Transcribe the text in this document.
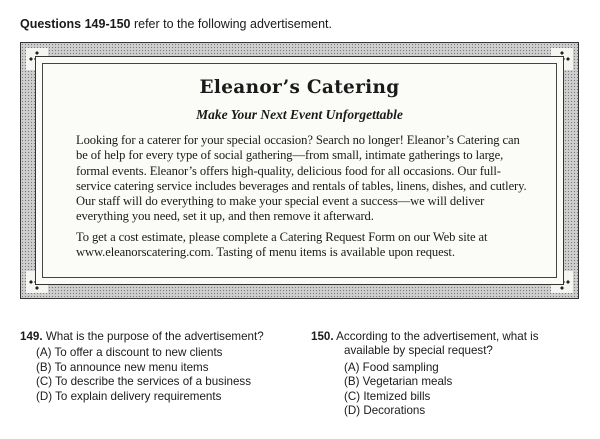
Questions 149-150 refer to the following advertisement.
Eleanor’s Catering
Make Your Next Event Unforgettable

Looking for a caterer for your special occasion? Search no longer! Eleanor’s Catering can be of help for every type of social gathering—from small, intimate gatherings to large, formal events. Eleanor’s offers high-quality, delicious food for all occasions. Our full-service catering service includes beverages and rentals of tables, linens, dishes, and cutlery. Our staff will do everything to make your special event a success—we will deliver everything you need, set it up, and then remove it afterward.

To get a cost estimate, please complete a Catering Request Form on our Web site at www.eleanorscatering.com. Tasting of menu items is available upon request.

149. What is the purpose of the advertisement?
(A) To offer a discount to new clients
(B) To announce new menu items
(C) To describe the services of a business
(D) To explain delivery requirements
150. According to the advertisement, what is available by special request?
(A) Food sampling
(B) Vegetarian meals
(C) Itemized bills
(D) Decorations
